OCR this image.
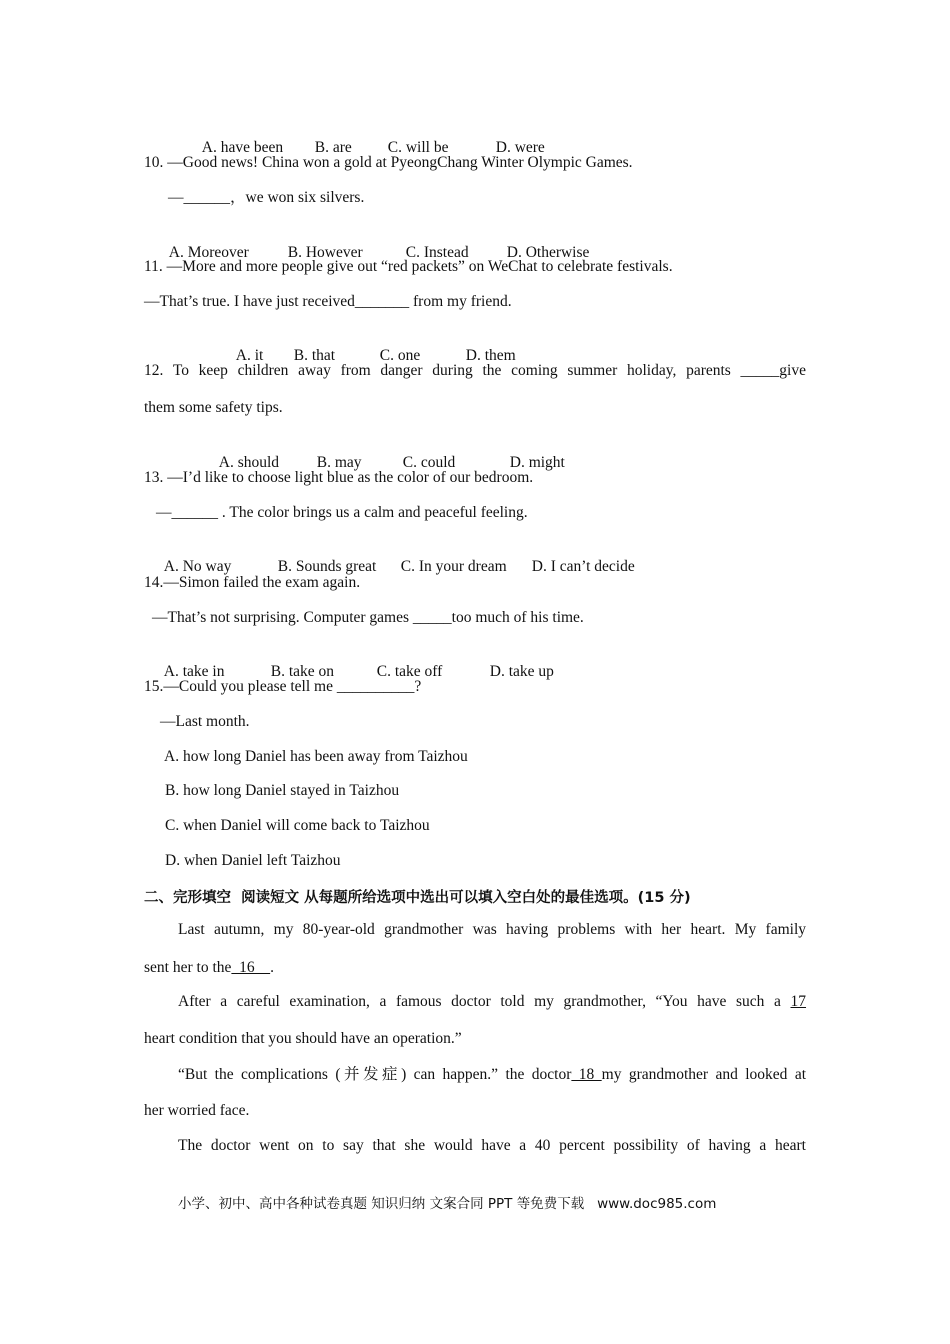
A. have been B. are C. will be	D. were

10. —Good news! China won a gold at PyeongChang Winter Olympic Games.
—______，we won six silvers.

A. Moreover	B. However	C. Instead D. Otherwise

11. —More and more people give out “red packets” on WeChat to celebrate festivals.
—That’s true. I have just received_______ from my friend.

A. it B. that	C. one	D. them

12. To keep children away from danger during the coming summer holiday, parents _____give
them some safety tips.

A. should B. may	C. could	D. might

13. —I’d like to choose light blue as the color of our bedroom.
—______ . The color brings us a calm and peaceful feeling.

A. No way	B. Sounds great C. In your dream D. I can’t decide

14.—Simon failed the exam again.
—That’s not surprising. Computer games _____too much of his time.

A. take in	B. take on	C. take off	D. take up

15.—Could you please tell me __________?
—Last month.
A. how long Daniel has been away from Taizhou
B. how long Daniel stayed in Taizhou
C. when Daniel will come back to Taizhou
D. when Daniel left Taizhou
二、完形填空  阅读短文 从每题所给选项中选出可以填入空白处的最佳选项。(15 分)
Last autumn, my 80-year-old grandmother was having problems with her heart. My family
sent her to the  16    .
After a careful examination, a famous doctor told my grandmother, “You have such a 17
heart condition that you should have an operation.”
“But the complications (并发症) can happen.” the doctor 18 my grandmother and looked at
her worried face.
The doctor went on to say that she would have a 40 percent possibility of having a heart
小学、初中、高中各种试卷真题 知识归纳 文案合同 PPT 等免费下载   www.doc985.com
